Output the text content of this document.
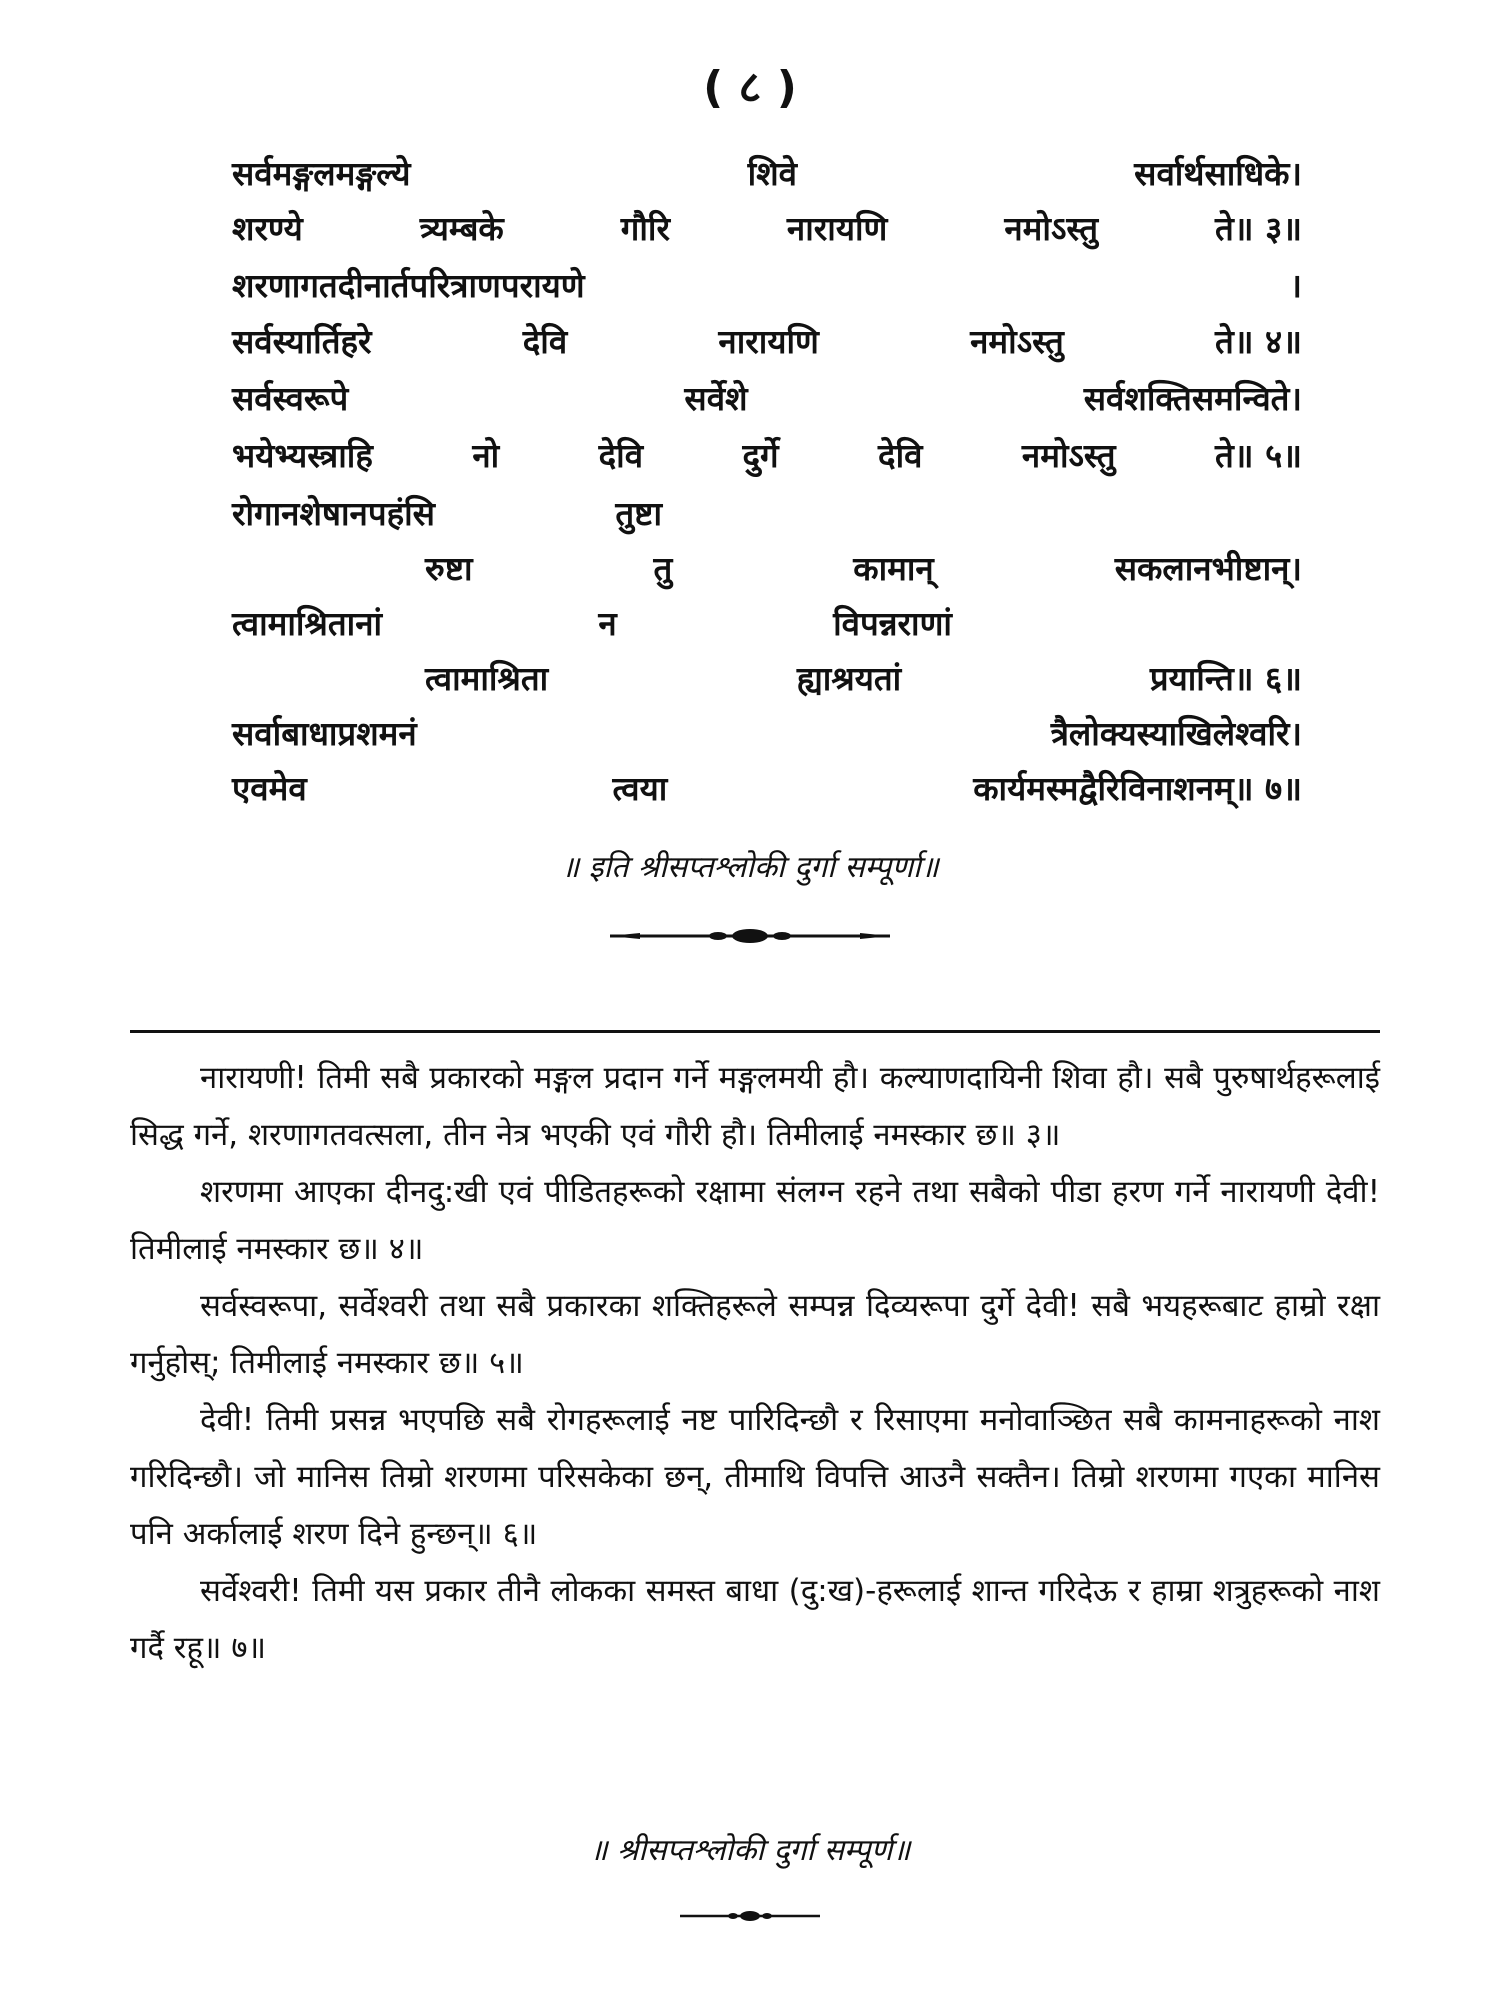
( ८ )
सर्वमङ्गलमङ्गल्ये	शिवे	सर्वार्थसाधिके।
शरण्ये	त्र्यम्बके	गौरि	नारायणि	नमोऽस्तु	ते॥ ३॥
शरणागतदीनार्तपरित्राणपरायणे	।
सर्वस्यार्तिहरे	देवि	नारायणि	नमोऽस्तु	ते॥ ४॥
सर्वस्वरूपे	सर्वेशे	सर्वशक्तिसमन्विते।
भयेभ्यस्त्राहि	नो	देवि	दुर्गे	देवि	नमोऽस्तु	ते॥ ५॥
रोगानशेषानपहंसि	तुष्टा
रुष्टा	तु	कामान्	सकलानभीष्टान्।
त्वामाश्रितानां	न	विपन्नराणां
त्वामाश्रिता	ह्याश्रयतां	प्रयान्ति॥ ६॥
सर्वाबाधाप्रशमनं	त्रैलोक्यस्याखिलेश्वरि।
एवमेव	त्वया	कार्यमस्मद्वैरिविनाशनम्॥ ७॥
॥ इति श्रीसप्तश्लोकी दुर्गा सम्पूर्णा॥

नारायणी! तिमी सबै प्रकारको मङ्गल प्रदान गर्ने मङ्गलमयी हौ। कल्याणदायिनी शिवा हौ। सबै पुरुषार्थहरूलाई सिद्ध गर्ने, शरणागतवत्सला, तीन नेत्र भएकी एवं गौरी हौ। तिमीलाई नमस्कार छ॥ ३॥

शरणमा आएका दीनदु:खी एवं पीडितहरूको रक्षामा संलग्न रहने तथा सबैको पीडा हरण गर्ने नारायणी देवी! तिमीलाई नमस्कार छ॥ ४॥

सर्वस्वरूपा, सर्वेश्वरी तथा सबै प्रकारका शक्तिहरूले सम्पन्न दिव्यरूपा दुर्गे देवी! सबै भयहरूबाट हाम्रो रक्षा गर्नुहोस्; तिमीलाई नमस्कार छ॥ ५॥

देवी! तिमी प्रसन्न भएपछि सबै रोगहरूलाई नष्ट पारिदिन्छौ र रिसाएमा मनोवाञ्छित सबै कामनाहरूको नाश गरिदिन्छौ। जो मानिस तिम्रो शरणमा परिसकेका छन्, तीमाथि विपत्ति आउनै सक्तैन। तिम्रो शरणमा गएका मानिस पनि अर्कालाई शरण दिने हुन्छन्॥ ६॥

सर्वेश्वरी! तिमी यस प्रकार तीनै लोकका समस्त बाधा (दु:ख)-हरूलाई शान्त गरिदेऊ र हाम्रा शत्रुहरूको नाश गर्दै रहू॥ ७॥

॥ श्रीसप्तश्लोकी दुर्गा सम्पूर्ण॥
